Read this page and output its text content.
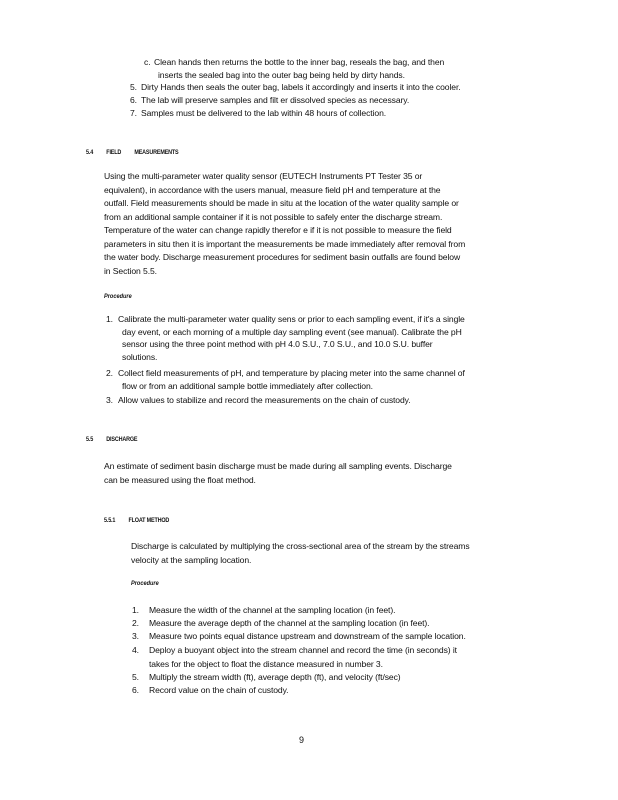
c. Clean hands then returns the bottle to the inner bag, reseals the bag, and then
inserts the sealed bag into the outer bag being held by dirty hands.
5. Dirty Hands then seals the outer bag, labels it accordingly and inserts it into the cooler.
6. The lab will preserve samples and filt er dissolved species as necessary.
7. Samples must be delivered to the lab within 48 hours of collection.
5.4 FIELD MEASUREMENTS
Using the multi-parameter water quality sensor (EUTECH Instruments PT Tester 35 or
equivalent), in accordance with the users manual, measure field pH and temperature at the
outfall. Field measurements should be made in situ at the location of the water quality sample or
from an additional sample container if it is not possible to safely enter the discharge stream.
Temperature of the water can change rapidly therefor e if it is not possible to measure the field
parameters in situ then it is important the measurements be made immediately after removal from
the water body. Discharge measurement procedures for sediment basin outfalls are found below
in Section 5.5.
Procedure
1. Calibrate the multi-parameter water quality sens or prior to each sampling event, if it's a single
day event, or each morning of a multiple day sampling event (see manual). Calibrate the pH
sensor using the three point method with pH 4.0 S.U., 7.0 S.U., and 10.0 S.U. buffer
solutions.
2. Collect field measurements of pH, and temperature by placing meter into the same channel of
flow or from an additional sample bottle immediately after collection.
3. Allow values to stabilize and record the measurements on the chain of custody.
5.5 DISCHARGE
An estimate of sediment basin discharge must be made during all sampling events. Discharge
can be measured using the float method.
5.5.1 FLOAT METHOD
Discharge is calculated by multiplying the cross-sectional area of the stream by the streams
velocity at the sampling location.
Procedure
1. Measure the width of the channel at the sampling location (in feet).
2. Measure the average depth of the channel at the sampling location (in feet).
3. Measure two points equal distance upstream and downstream of the sample location.
4. Deploy a buoyant object into the stream channel and record the time (in seconds) it
takes for the object to float the distance measured in number 3.
5. Multiply the stream width (ft), average depth (ft), and velocity (ft/sec)
6. Record value on the chain of custody.
9
